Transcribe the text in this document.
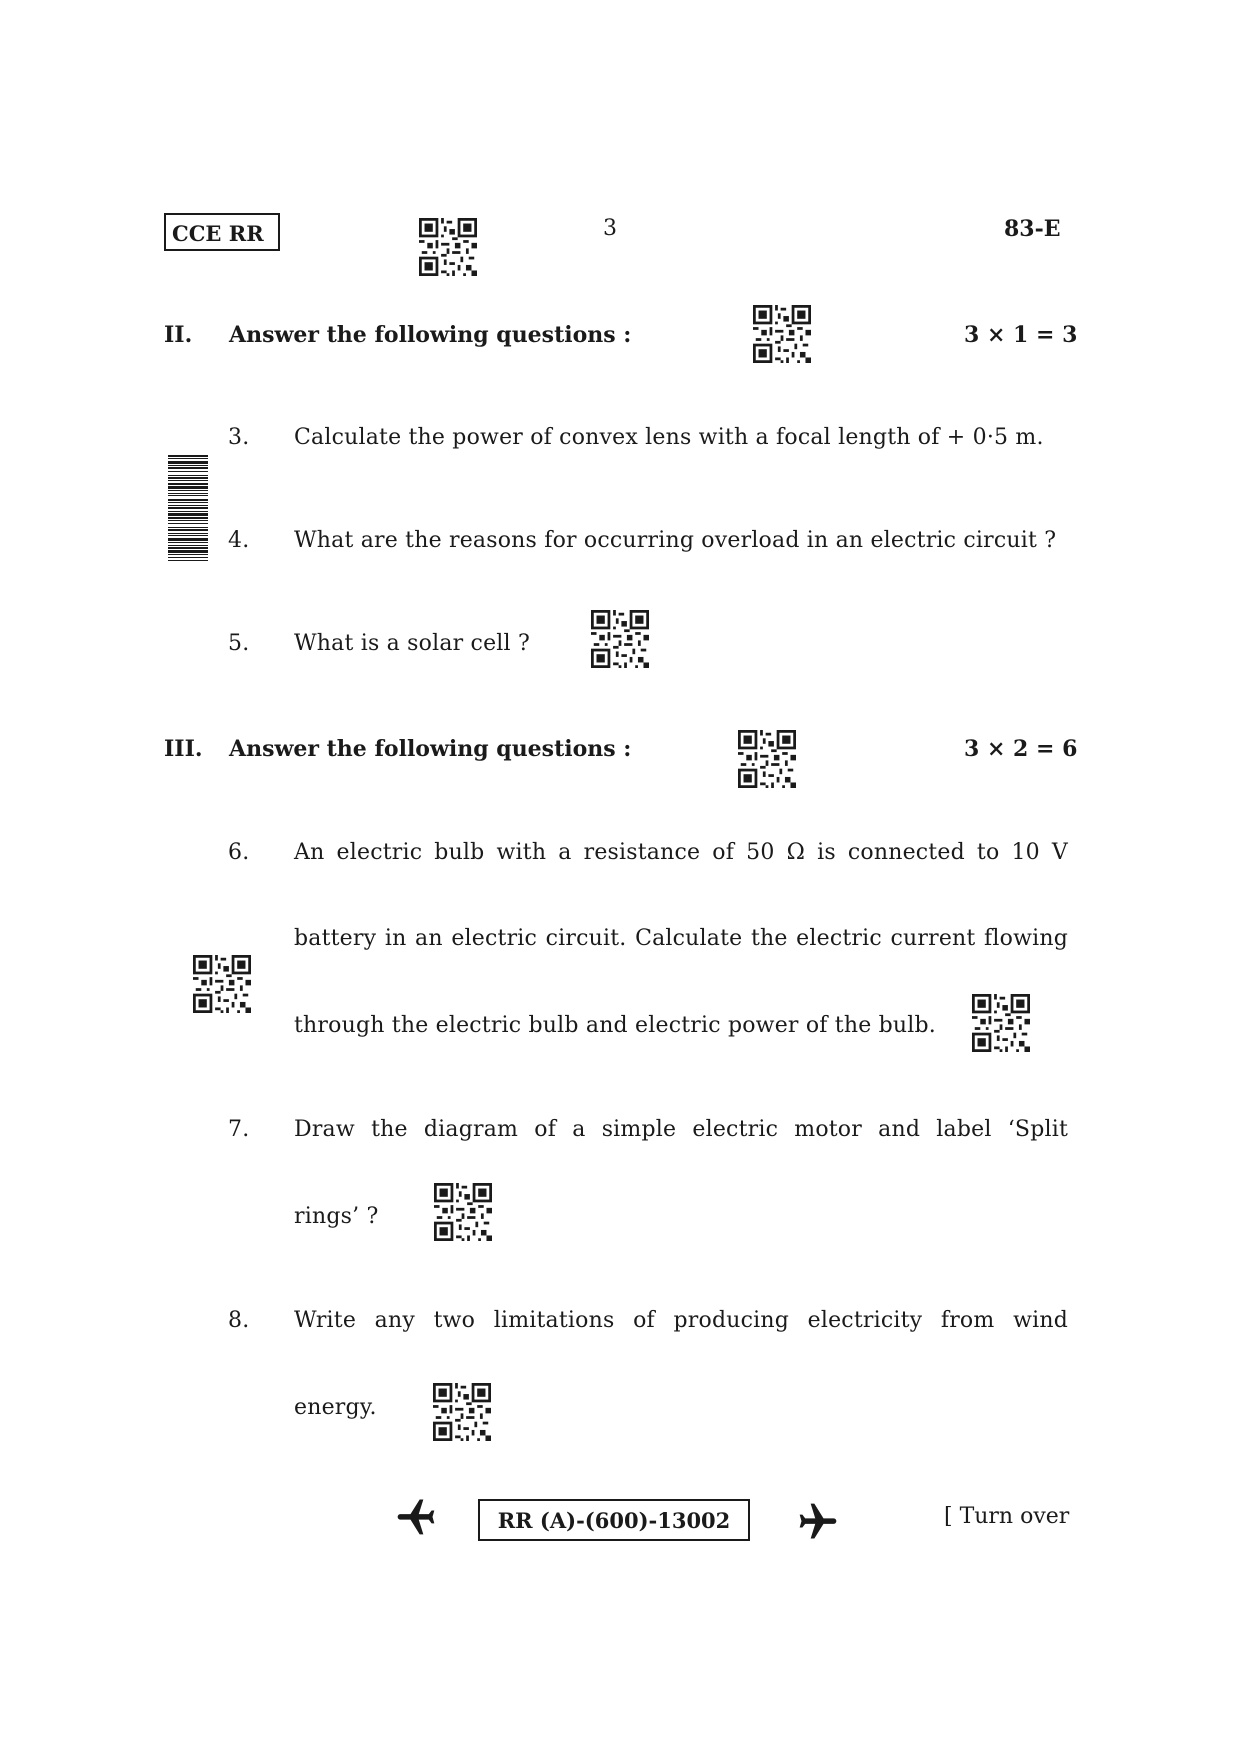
CCE RR	3	83-E
II. Answer the following questions :	3 × 1 = 3
3. Calculate the power of convex lens with a focal length of + 0·5 m.
4. What are the reasons for occurring overload in an electric circuit ?
5. What is a solar cell ?
III. Answer the following questions :	3 × 2 = 6
6. An electric bulb with a resistance of 50 Ω is connected to 10 V
battery in an electric circuit. Calculate the electric current flowing
through the electric bulb and electric power of the bulb.
7. Draw the diagram of a simple electric motor and label ‘Split
rings’ ?
8. Write any two limitations of producing electricity from wind
energy.
RR (A)-(600)-13002	[ Turn over
